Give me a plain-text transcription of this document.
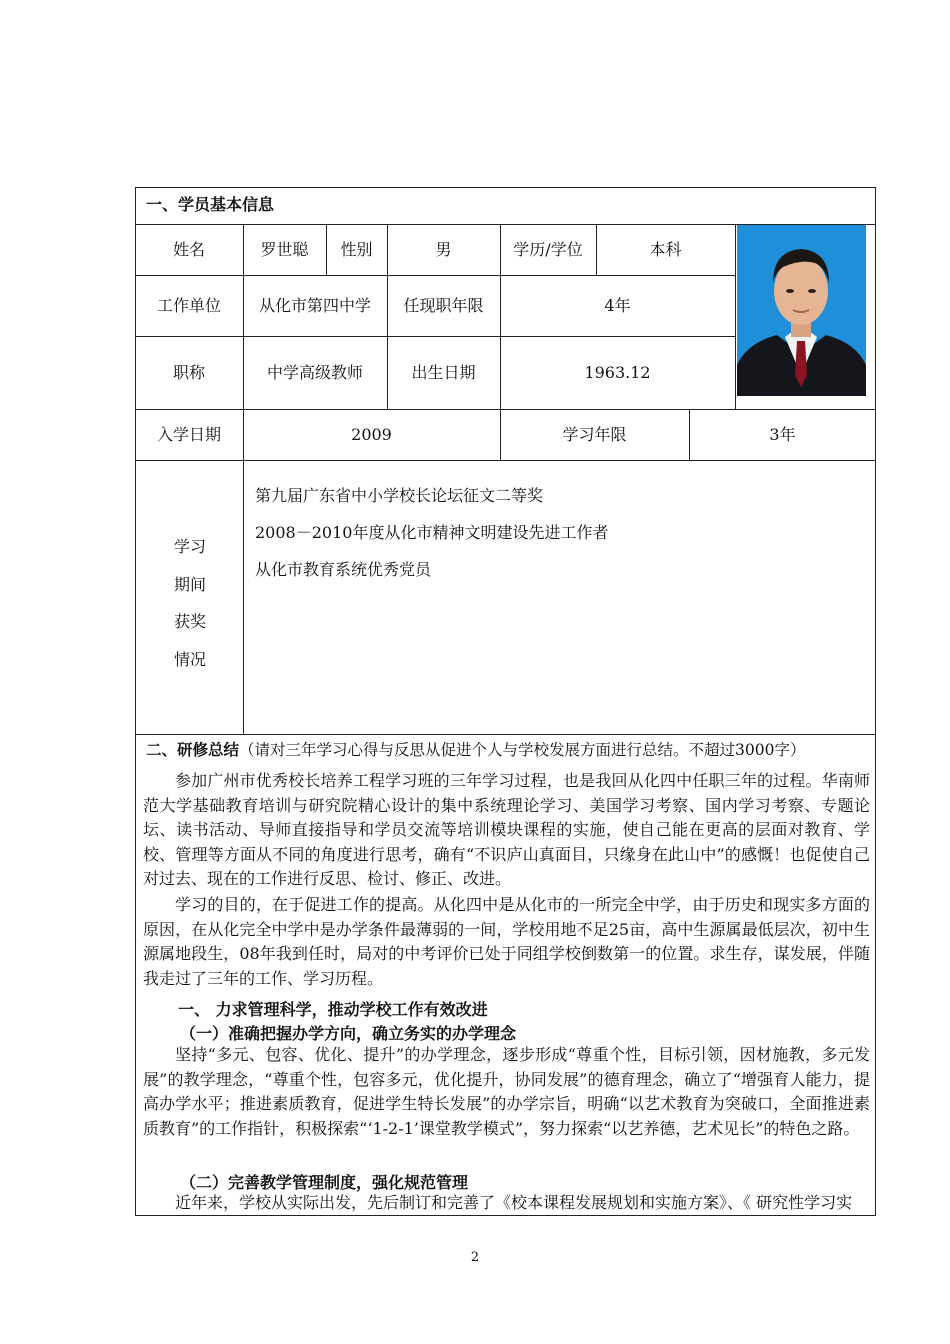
一、学员基本信息
姓名	罗世聪	性别	男	学历/学位	本科
工作单位	从化市第四中学	任现职年限	4年
职称	中学高级教师	出生日期	1963.12
入学日期	2009	学习年限	3年
学习
期间
获奖
情况
第九届广东省中小学校长论坛征文二等奖
2008－2010年度从化市精神文明建设先进工作者
从化市教育系统优秀党员
二、研修总结（请对三年学习心得与反思从促进个人与学校发展方面进行总结。不超过3000字）

参加广州市优秀校长培养工程学习班的三年学习过程，也是我回从化四中任职三年的过程。华南师范大学基础教育培训与研究院精心设计的集中系统理论学习、美国学习考察、国内学习考察、专题论坛、读书活动、导师直接指导和学员交流等培训模块课程的实施，使自己能在更高的层面对教育、学校、管理等方面从不同的角度进行思考，确有“不识庐山真面目，只缘身在此山中”的感慨！也促使自己对过去、现在的工作进行反思、检讨、修正、改进。

学习的目的，在于促进工作的提高。从化四中是从化市的一所完全中学，由于历史和现实多方面的原因，在从化完全中学中是办学条件最薄弱的一间，学校用地不足25亩，高中生源属最低层次，初中生源属地段生，08年我到任时，局对的中考评价已处于同组学校倒数第一的位置。求生存，谋发展，伴随我走过了三年的工作、学习历程。

一、 力求管理科学，推动学校工作有效改进
（一）准确把握办学方向，确立务实的办学理念

坚持“多元、包容、优化、提升”的办学理念，逐步形成“尊重个性，目标引领，因材施教，多元发展”的教学理念，“尊重个性，包容多元，优化提升，协同发展”的德育理念，确立了“增强育人能力，提高办学水平；推进素质教育，促进学生特长发展”的办学宗旨，明确“以艺术教育为突破口，全面推进素质教育”的工作指针，积极探索“‘1-2-1’课堂教学模式”，努力探索“以艺养德，艺术见长”的特色之路。

（二）完善教学管理制度，强化规范管理

近年来，学校从实际出发，先后制订和完善了《校本课程发展规划和实施方案》、《 研究性学习实

2
